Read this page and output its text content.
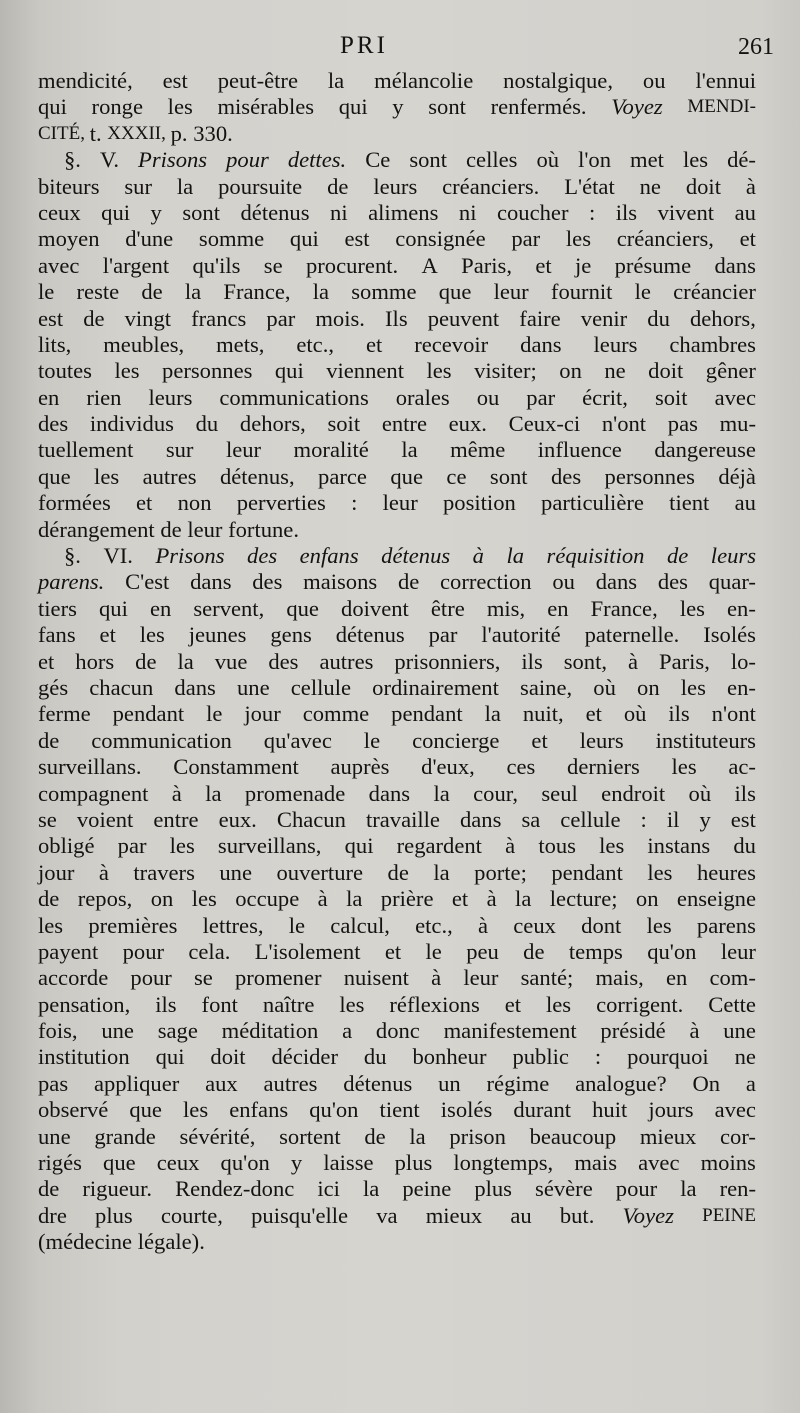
PRI	261
mendicité, est peut-être la mélancolie nostalgique, ou l'ennui
qui ronge les misérables qui y sont renfermés. Voyez MENDI-
CITÉ, t. XXXII, p. 330.
§. V. Prisons pour dettes. Ce sont celles où l'on met les dé-
biteurs sur la poursuite de leurs créanciers. L'état ne doit à
ceux qui y sont détenus ni alimens ni coucher : ils vivent au
moyen d'une somme qui est consignée par les créanciers, et
avec l'argent qu'ils se procurent. A Paris, et je présume dans
le reste de la France, la somme que leur fournit le créancier
est de vingt francs par mois. Ils peuvent faire venir du dehors,
lits, meubles, mets, etc., et recevoir dans leurs chambres
toutes les personnes qui viennent les visiter; on ne doit gêner
en rien leurs communications orales ou par écrit, soit avec
des individus du dehors, soit entre eux. Ceux-ci n'ont pas mu-
tuellement sur leur moralité la même influence dangereuse
que les autres détenus, parce que ce sont des personnes déjà
formées et non perverties : leur position particulière tient au
dérangement de leur fortune.
§. VI. Prisons des enfans détenus à la réquisition de leurs
parens. C'est dans des maisons de correction ou dans des quar-
tiers qui en servent, que doivent être mis, en France, les en-
fans et les jeunes gens détenus par l'autorité paternelle. Isolés
et hors de la vue des autres prisonniers, ils sont, à Paris, lo-
gés chacun dans une cellule ordinairement saine, où on les en-
ferme pendant le jour comme pendant la nuit, et où ils n'ont
de communication qu'avec le concierge et leurs instituteurs
surveillans. Constamment auprès d'eux, ces derniers les ac-
compagnent à la promenade dans la cour, seul endroit où ils
se voient entre eux. Chacun travaille dans sa cellule : il y est
obligé par les surveillans, qui regardent à tous les instans du
jour à travers une ouverture de la porte; pendant les heures
de repos, on les occupe à la prière et à la lecture; on enseigne
les premières lettres, le calcul, etc., à ceux dont les parens
payent pour cela. L'isolement et le peu de temps qu'on leur
accorde pour se promener nuisent à leur santé; mais, en com-
pensation, ils font naître les réflexions et les corrigent. Cette
fois, une sage méditation a donc manifestement présidé à une
institution qui doit décider du bonheur public : pourquoi ne
pas appliquer aux autres détenus un régime analogue? On a
observé que les enfans qu'on tient isolés durant huit jours avec
une grande sévérité, sortent de la prison beaucoup mieux cor-
rigés que ceux qu'on y laisse plus longtemps, mais avec moins
de rigueur. Rendez-donc ici la peine plus sévère pour la ren-
dre plus courte, puisqu'elle va mieux au but. Voyez PEINE
(médecine légale).
